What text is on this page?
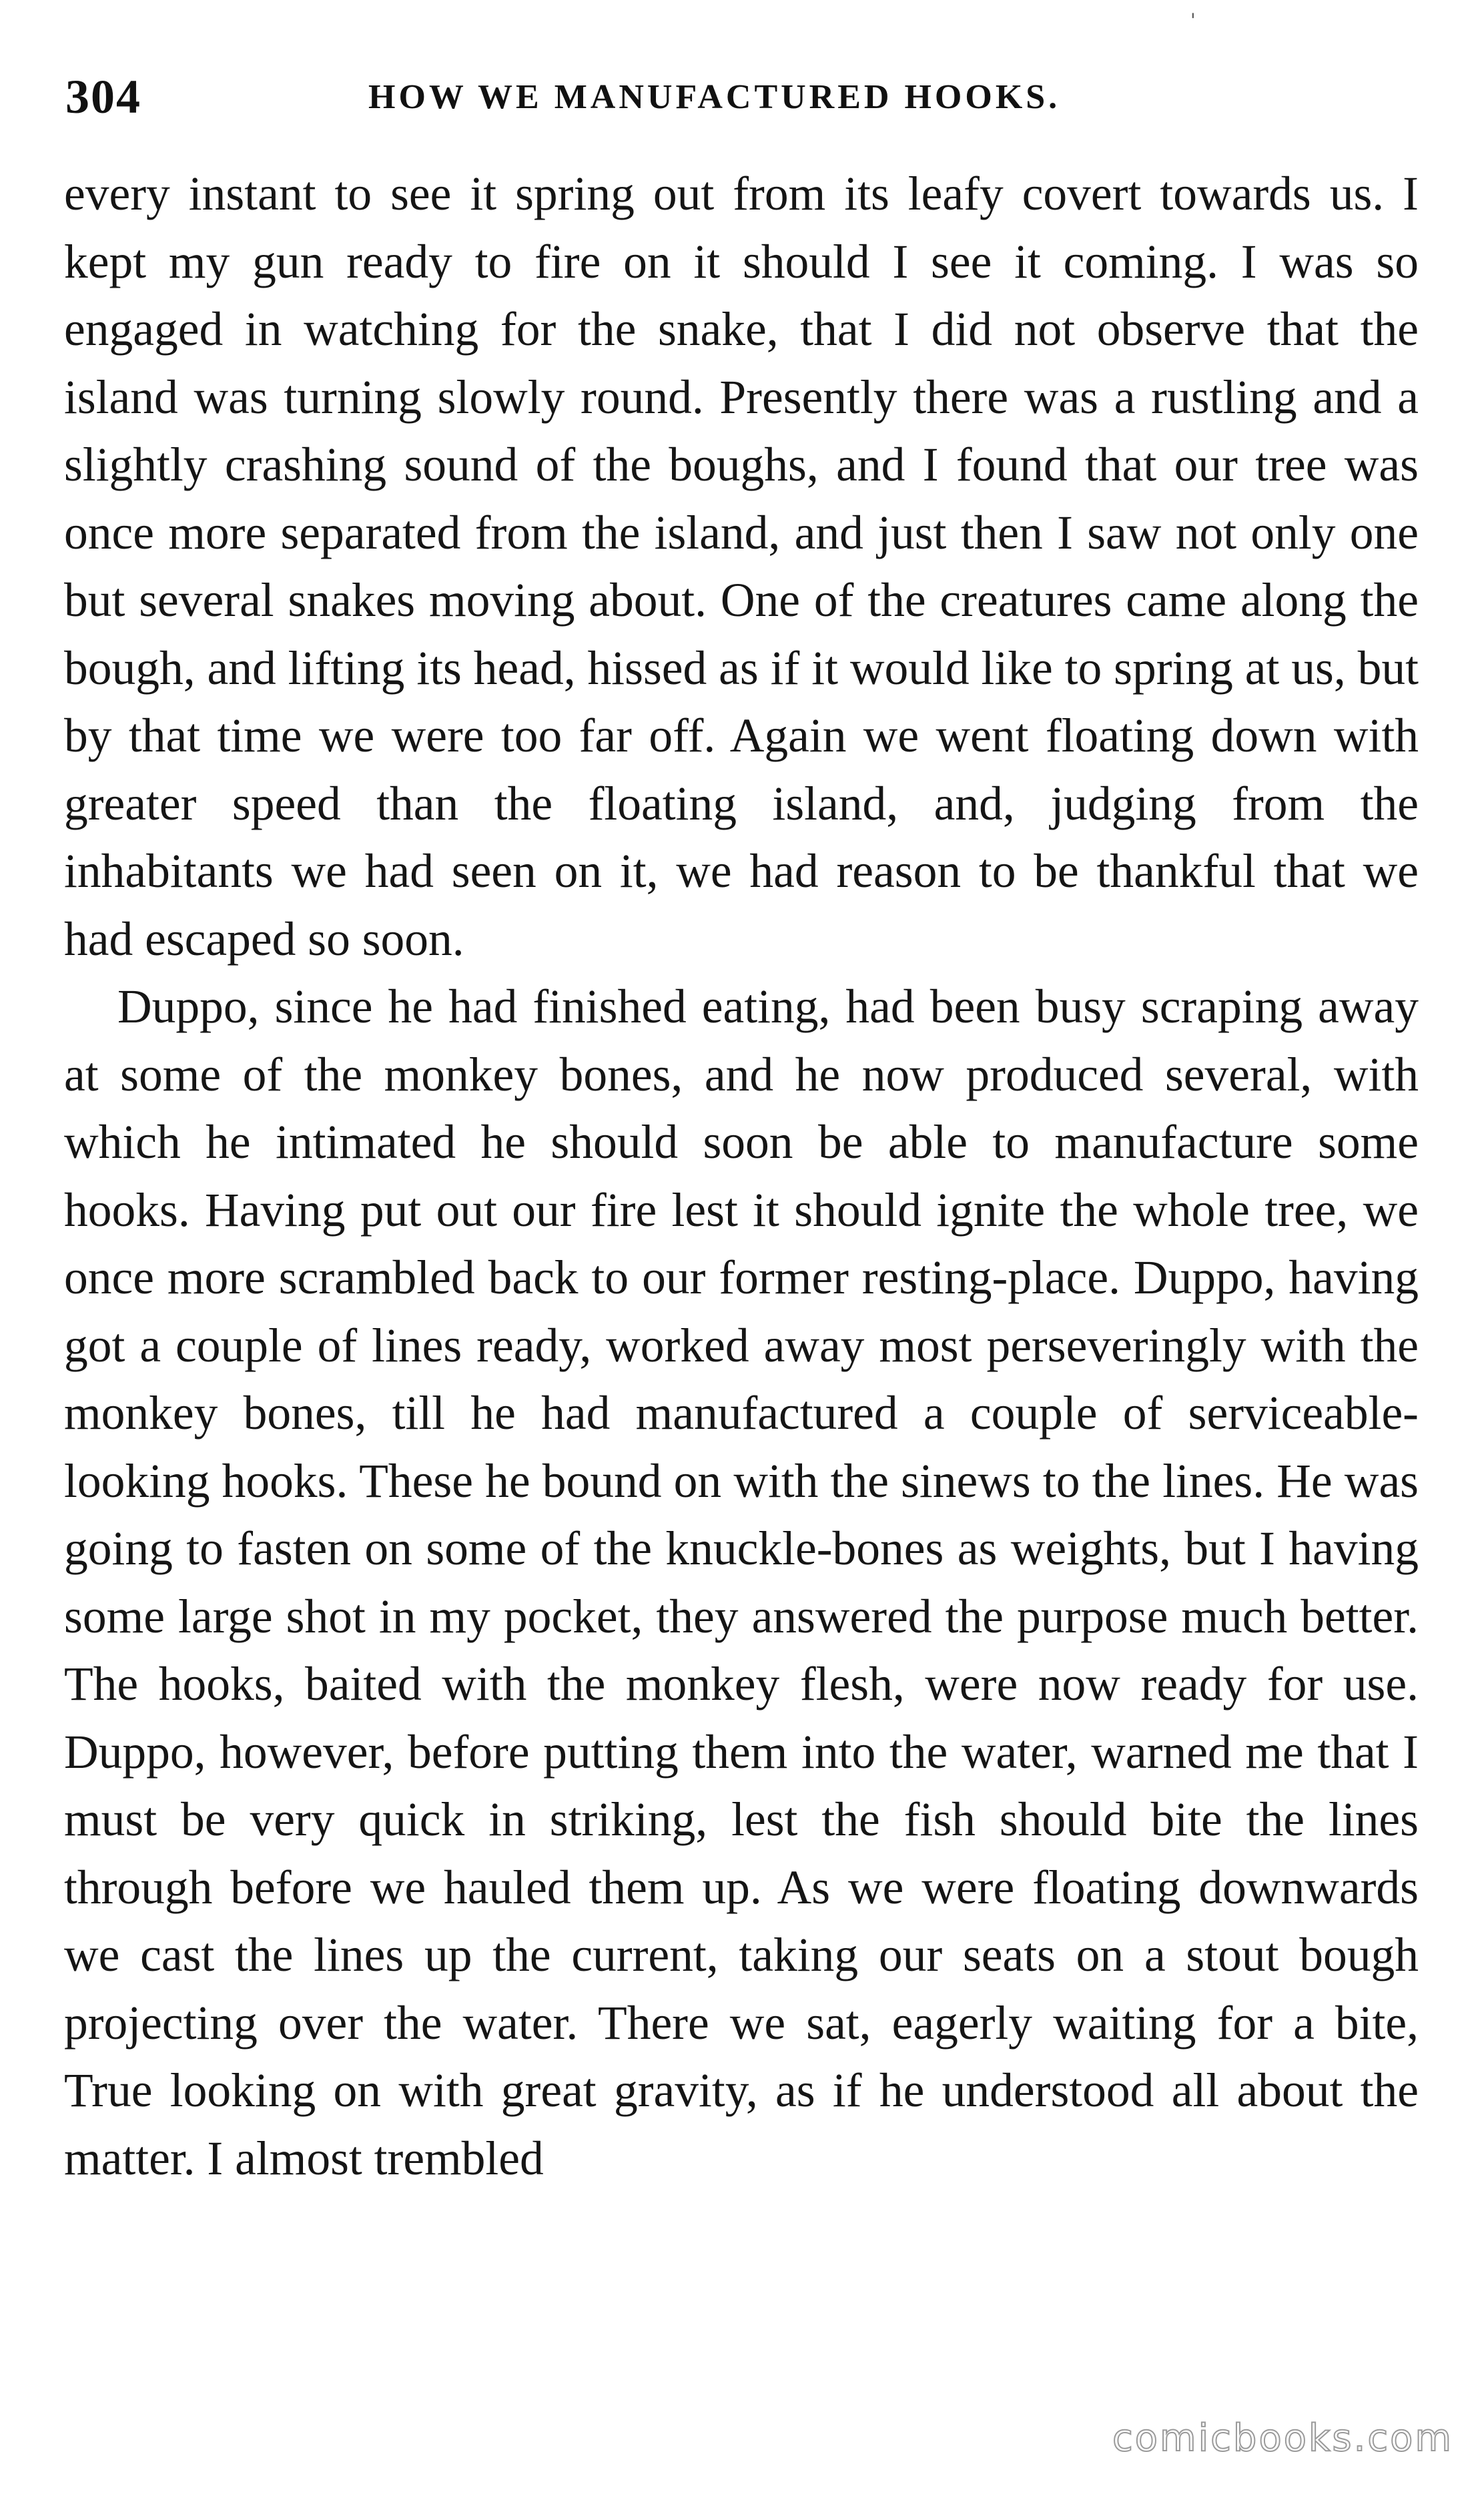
'
304	HOW WE MANUFACTURED HOOKS.

every instant to see it spring out from its leafy covert towards us. I kept my gun ready to fire on it should I see it coming. I was so engaged in watching for the snake, that I did not observe that the island was turning slowly round. Presently there was a rustling and a slightly crashing sound of the boughs, and I found that our tree was once more separated from the island, and just then I saw not only one but several snakes moving about. One of the creatures came along the bough, and lifting its head, hissed as if it would like to spring at us, but by that time we were too far off. Again we went floating down with greater speed than the floating island, and, judging from the inhabitants we had seen on it, we had reason to be thankful that we had escaped so soon.

Duppo, since he had finished eating, had been busy scraping away at some of the monkey bones, and he now produced several, with which he intimated he should soon be able to manufacture some hooks. Having put out our fire lest it should ignite the whole tree, we once more scrambled back to our former resting-place. Duppo, having got a couple of lines ready, worked away most perseveringly with the monkey bones, till he had manufactured a couple of serviceable-looking hooks. These he bound on with the sinews to the lines. He was going to fasten on some of the knuckle-bones as weights, but I having some large shot in my pocket, they answered the purpose much better. The hooks, baited with the monkey flesh, were now ready for use. Duppo, however, before putting them into the water, warned me that I must be very quick in striking, lest the fish should bite the lines through before we hauled them up. As we were floating downwards we cast the lines up the current, taking our seats on a stout bough projecting over the water. There we sat, eagerly waiting for a bite, True looking on with great gravity, as if he understood all about the matter. I almost trembled

comicbooks.com
